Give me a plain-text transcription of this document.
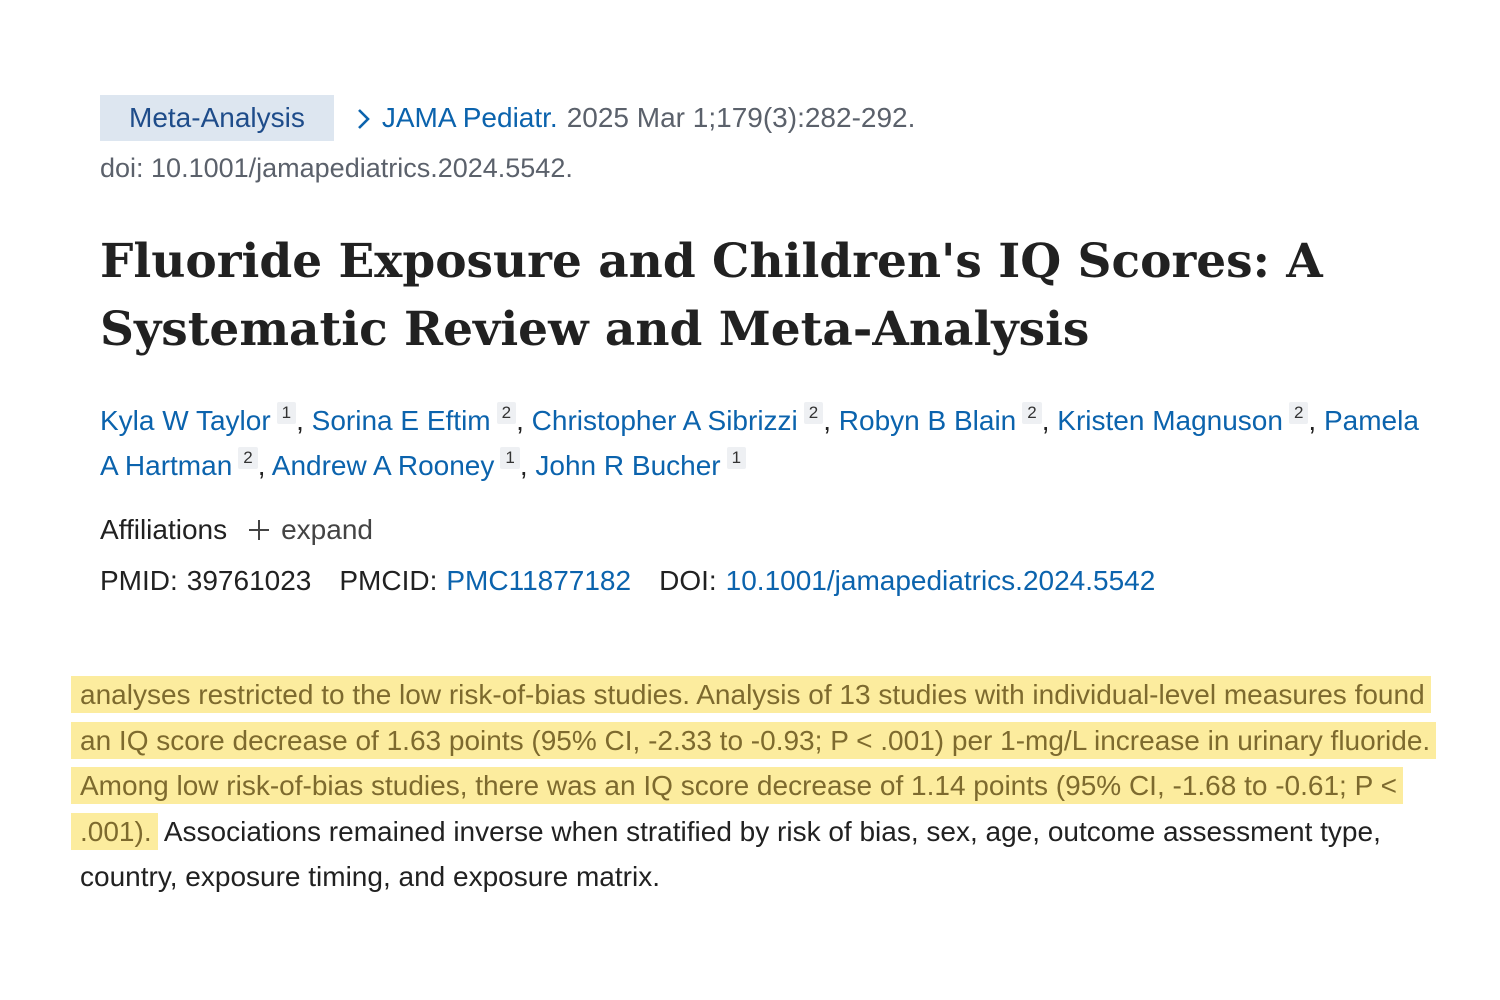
Meta-Analysis	JAMA Pediatr. 2025 Mar 1;179(3):282-292.
doi: 10.1001/jamapediatrics.2024.5542.
Fluoride Exposure and Children's IQ Scores: A Systematic Review and Meta-Analysis
Kyla W Taylor 1 , Sorina E Eftim 2 , Christopher A Sibrizzi 2 , Robyn B Blain 2 , Kristen Magnuson 2 , Pamela A Hartman 2 , Andrew A Rooney 1 , John R Bucher 1
Affiliations expand
PMID: 39761023 PMCID: PMC11877182 DOI: 10.1001/jamapediatrics.2024.5542
analyses restricted to the low risk-of-bias studies. Analysis of 13 studies with individual-level measures found an IQ score decrease of 1.63 points (95% CI, -2.33 to -0.93; P < .001) per 1-mg/L increase in urinary fluoride. Among low risk-of-bias studies, there was an IQ score decrease of 1.14 points (95% CI, -1.68 to -0.61; P < .001). Associations remained inverse when stratified by risk of bias, sex, age, outcome assessment type, country, exposure timing, and exposure matrix.
